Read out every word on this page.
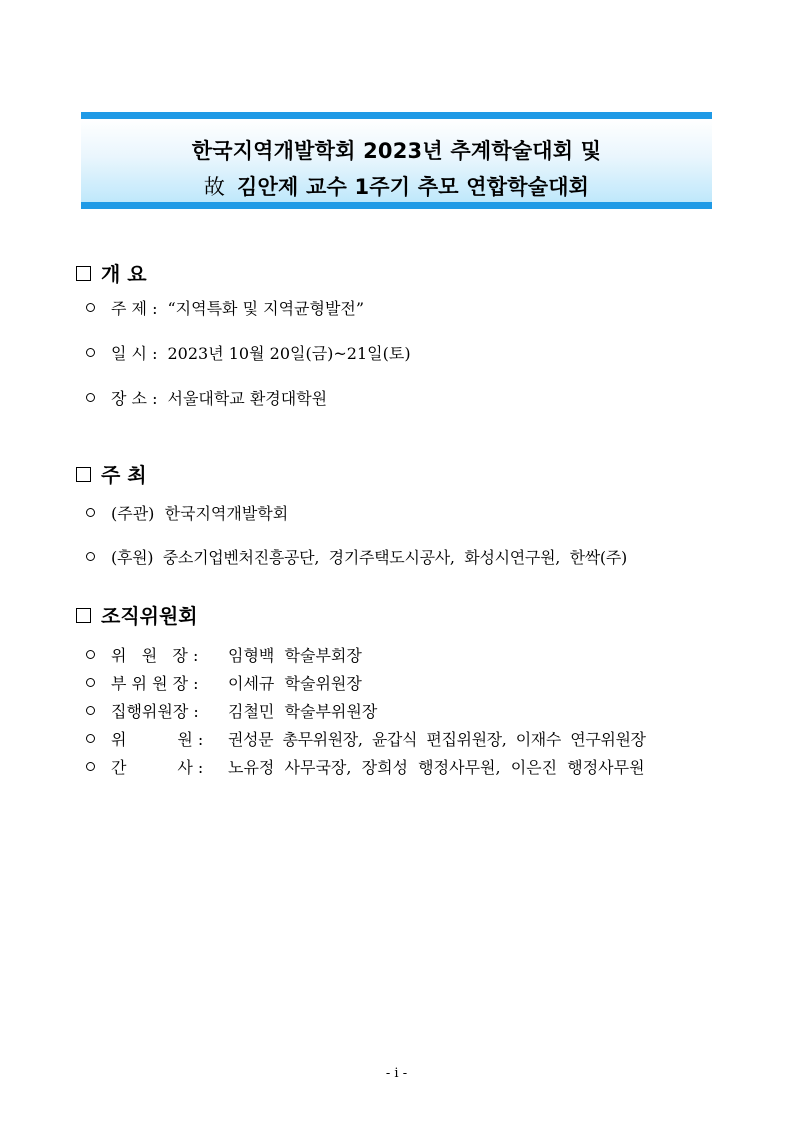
한국지역개발학회 2023년 추계학술대회 및
故 김안제 교수 1주기 추모 연합학술대회
개 요
주 제 : “지역특화 및 지역균형발전”
일 시 : 2023년 10월 20일(금)~21일(토)
장 소 : 서울대학교 환경대학원
주 최
(주관)  한국지역개발학회
(후원)  중소기업벤처진흥공단,  경기주택도시공사,  화성시연구원,  한싹(주)
조직위원회
위   원   장 :	임형백  학술부회장
부 위 원 장 :	이세규  학술위원장
집행위원장 :	김철민  학술부위원장
위          원 :	권성문  총무위원장,  윤갑식  편집위원장,  이재수  연구위원장
간          사 :	노유정  사무국장,  장희성  행정사무원,  이은진  행정사무원
- i -
